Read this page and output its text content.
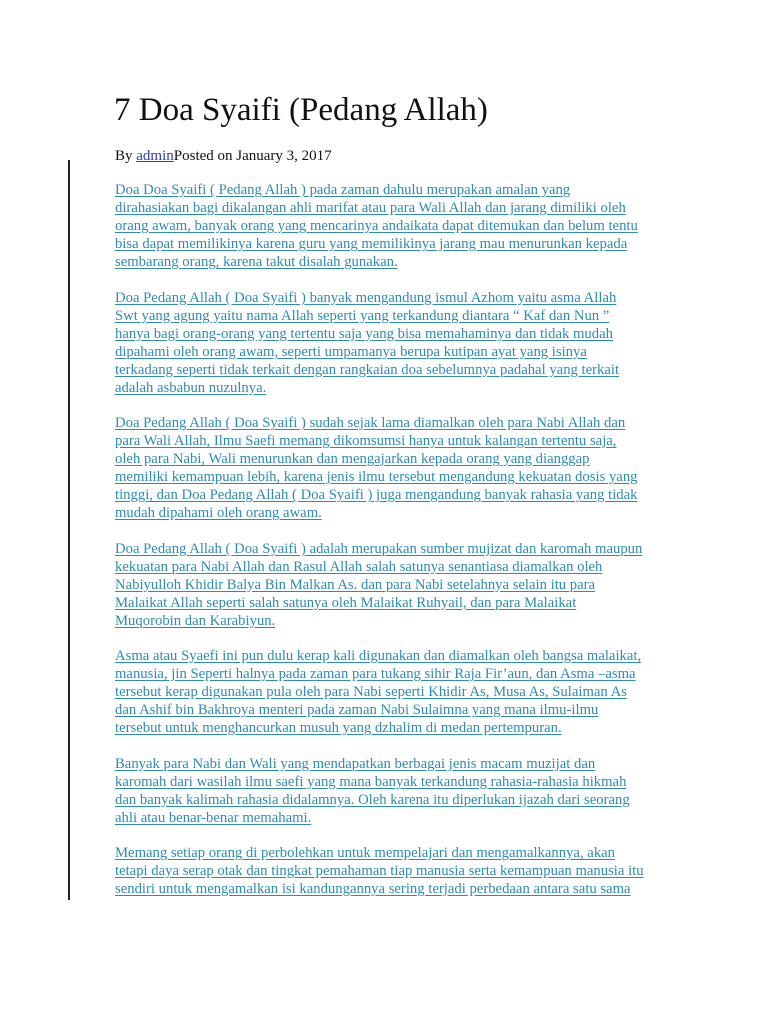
7 Doa Syaifi (Pedang Allah)
By adminPosted on January 3, 2017

Doa Doa Syaifi ( Pedang Allah ) pada zaman dahulu merupakan amalan yang
dirahasiakan bagi dikalangan ahli marifat atau para Wali Allah dan jarang dimiliki oleh
orang awam, banyak orang yang mencarinya andaikata dapat ditemukan dan belum tentu
bisa dapat memilikinya karena guru yang memilikinya jarang mau menurunkan kepada
sembarang orang, karena takut disalah gunakan.

Doa Pedang Allah ( Doa Syaifi ) banyak mengandung ismul Azhom yaitu asma Allah
Swt yang agung yaitu nama Allah seperti yang terkandung diantara “ Kaf dan Nun ”
hanya bagi orang-orang yang tertentu saja yang bisa memahaminya dan tidak mudah
dipahami oleh orang awam, seperti umpamanya berupa kutipan ayat yang isinya
terkadang seperti tidak terkait dengan rangkaian doa sebelumnya padahal yang terkait
adalah asbabun nuzulnya.

Doa Pedang Allah ( Doa Syaifi ) sudah sejak lama diamalkan oleh para Nabi Allah dan
para Wali Allah, Ilmu Saefi memang dikomsumsi hanya untuk kalangan tertentu saja,
oleh para Nabi, Wali menurunkan dan mengajarkan kepada orang yang dianggap
memiliki kemampuan lebih, karena jenis ilmu tersebut mengandung kekuatan dosis yang
tinggi, dan Doa Pedang Allah ( Doa Syaifi ) juga mengandung banyak rahasia yang tidak
mudah dipahami oleh orang awam.

Doa Pedang Allah ( Doa Syaifi ) adalah merupakan sumber mujizat dan karomah maupun
kekuatan para Nabi Allah dan Rasul Allah salah satunya senantiasa diamalkan oleh
Nabiyulloh Khidir Balya Bin Malkan As. dan para Nabi setelahnya selain itu para
Malaikat Allah seperti salah satunya oleh Malaikat Ruhyail, dan para Malaikat
Muqorobin dan Karabiyun.

Asma atau Syaefi ini pun dulu kerap kali digunakan dan diamalkan oleh bangsa malaikat,
manusia, jin Seperti halnya pada zaman para tukang sihir Raja Fir’aun, dan Asma –asma
tersebut kerap digunakan pula oleh para Nabi seperti Khidir As, Musa As, Sulaiman As
dan Ashif bin Bakhroya menteri pada zaman Nabi Sulaimna yang mana ilmu-ilmu
tersebut untuk menghancurkan musuh yang dzhalim di medan pertempuran.

Banyak para Nabi dan Wali yang mendapatkan berbagai jenis macam muzijat dan
karomah dari wasilah ilmu saefi yang mana banyak terkandung rahasia-rahasia hikmah
dan banyak kalimah rahasia didalamnya. Oleh karena itu diperlukan ijazah dari seorang
ahli atau benar-benar memahami.

Memang setiap orang di perbolehkan untuk mempelajari dan mengamalkannya, akan
tetapi daya serap otak dan tingkat pemahaman tiap manusia serta kemampuan manusia itu
sendiri untuk mengamalkan isi kandungannya sering terjadi perbedaan antara satu sama
